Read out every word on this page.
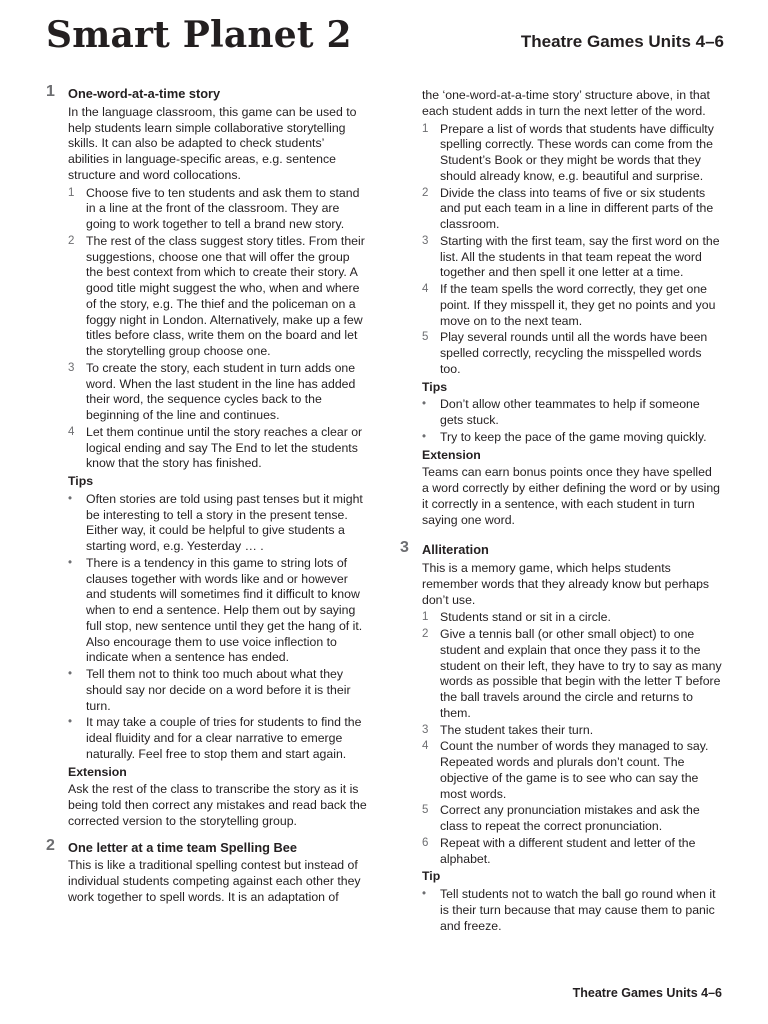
Smart Planet 2	Theatre Games Units 4–6
1 One-word-at-a-time story
In the language classroom, this game can be used to help students learn simple collaborative storytelling skills. It can also be adapted to check students’ abilities in language-specific areas, e.g. sentence structure and word collocations.
1 Choose five to ten students and ask them to stand in a line at the front of the classroom. They are going to work together to tell a brand new story.
2 The rest of the class suggest story titles. From their suggestions, choose one that will offer the group the best context from which to create their story. A good title might suggest the who, when and where of the story, e.g. The thief and the policeman on a foggy night in London. Alternatively, make up a few titles before class, write them on the board and let the storytelling group choose one.
3 To create the story, each student in turn adds one word. When the last student in the line has added their word, the sequence cycles back to the beginning of the line and continues.
4 Let them continue until the story reaches a clear or logical ending and say The End to let the students know that the story has finished.
Tips
•	Often stories are told using past tenses but it might be interesting to tell a story in the present tense. Either way, it could be helpful to give students a starting word, e.g. Yesterday … .
•	There is a tendency in this game to string lots of clauses together with words like and or however and students will sometimes find it difficult to know when to end a sentence. Help them out by saying full stop, new sentence until they get the hang of it. Also encourage them to use voice inflection to indicate when a sentence has ended.
•	Tell them not to think too much about what they should say nor decide on a word before it is their turn.
•	It may take a couple of tries for students to find the ideal fluidity and for a clear narrative to emerge naturally. Feel free to stop them and start again.
Extension
Ask the rest of the class to transcribe the story as it is being told then correct any mistakes and read back the corrected version to the storytelling group.
2 One letter at a time team Spelling Bee
This is like a traditional spelling contest but instead of individual students competing against each other they work together to spell words. It is an adaptation of
the ‘one-word-at-a-time story’ structure above, in that each student adds in turn the next letter of the word.
1 Prepare a list of words that students have difficulty spelling correctly. These words can come from the Student’s Book or they might be words that they should already know, e.g. beautiful and surprise.
2 Divide the class into teams of five or six students and put each team in a line in different parts of the classroom.
3 Starting with the first team, say the first word on the list. All the students in that team repeat the word together and then spell it one letter at a time.
4 If the team spells the word correctly, they get one point. If they misspell it, they get no points and you move on to the next team.
5 Play several rounds until all the words have been spelled correctly, recycling the misspelled words too.
Tips
•	Don’t allow other teammates to help if someone gets stuck.
•	Try to keep the pace of the game moving quickly.
Extension
Teams can earn bonus points once they have spelled a word correctly by either defining the word or by using it correctly in a sentence, with each student in turn saying one word.
3 Alliteration
This is a memory game, which helps students remember words that they already know but perhaps don’t use.
1 Students stand or sit in a circle.
2 Give a tennis ball (or other small object) to one student and explain that once they pass it to the student on their left, they have to try to say as many words as possible that begin with the letter T before the ball travels around the circle and returns to them.
3 The student takes their turn.
4 Count the number of words they managed to say. Repeated words and plurals don’t count. The objective of the game is to see who can say the most words.
5 Correct any pronunciation mistakes and ask the class to repeat the correct pronunciation.
6 Repeat with a different student and letter of the alphabet.
Tip
•	Tell students not to watch the ball go round when it is their turn because that may cause them to panic and freeze.
Theatre Games Units 4–6
